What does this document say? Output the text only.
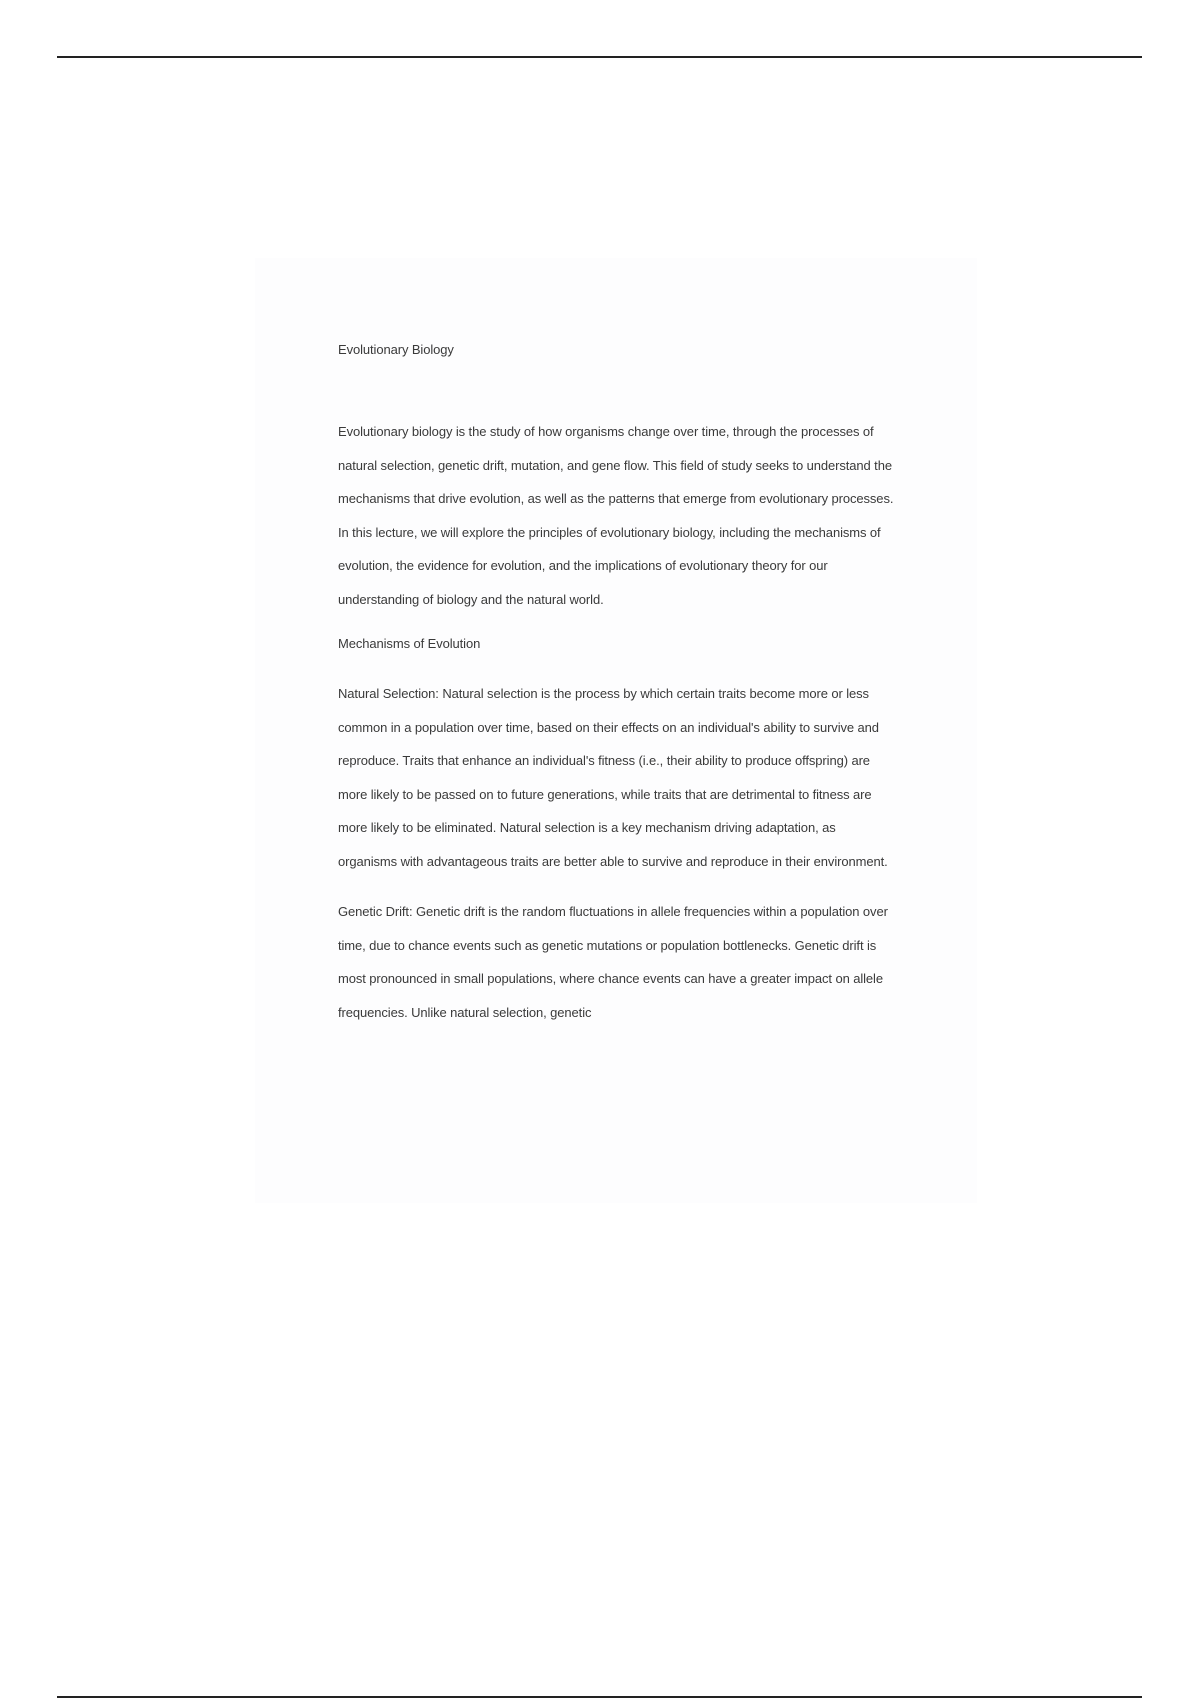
Evolutionary Biology

Evolutionary biology is the study of how organisms change over time, through the processes of natural selection, genetic drift, mutation, and gene flow. This field of study seeks to understand the mechanisms that drive evolution, as well as the patterns that emerge from evolutionary processes. In this lecture, we will explore the principles of evolutionary biology, including the mechanisms of evolution, the evidence for evolution, and the implications of evolutionary theory for our understanding of biology and the natural world.

Mechanisms of Evolution

Natural Selection: Natural selection is the process by which certain traits become more or less common in a population over time, based on their effects on an individual's ability to survive and reproduce. Traits that enhance an individual's fitness (i.e., their ability to produce offspring) are more likely to be passed on to future generations, while traits that are detrimental to fitness are more likely to be eliminated. Natural selection is a key mechanism driving adaptation, as organisms with advantageous traits are better able to survive and reproduce in their environment.

Genetic Drift: Genetic drift is the random fluctuations in allele frequencies within a population over time, due to chance events such as genetic mutations or population bottlenecks. Genetic drift is most pronounced in small populations, where chance events can have a greater impact on allele frequencies. Unlike natural selection, genetic
